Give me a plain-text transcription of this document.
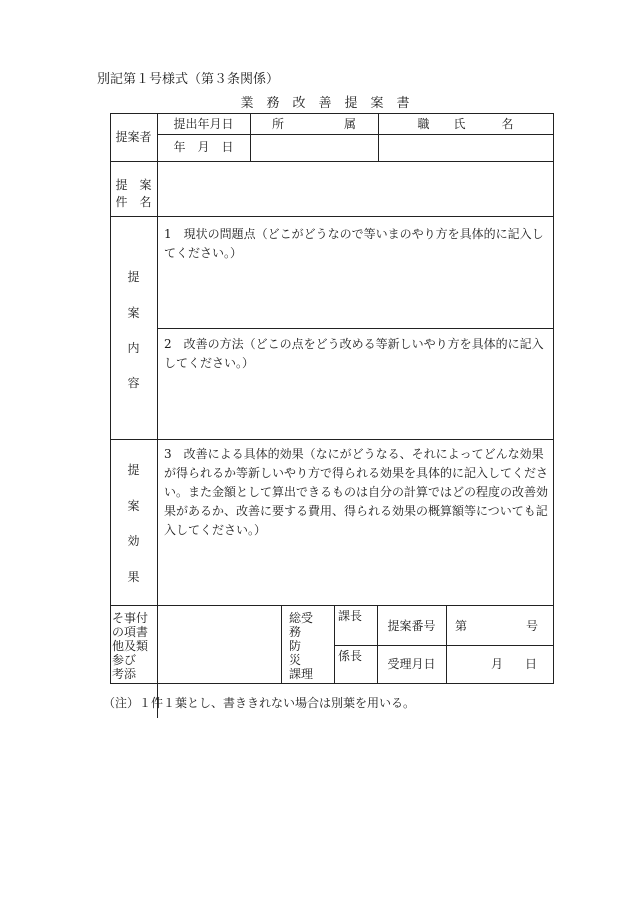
別記第１号様式（第３条関係）
業　務　改　善　提　案　書
提案者
提出年月日
年　月　日
所　　　　　属	職　　氏　　　名
提　案
件　名
提
案
内
容
1　 現状の問題点（どこがどうなので等いまのやり方を具体的に記入してください。）
2　 改善の方法（どこの点をどう改める等新しいやり方を具体的に記入してください。）
提
案
効
果
3　 改善による具体的効果（なにがどうなる、それによってどんな効果が得られるか等新しいやり方で得られる効果を具体的に記入してください。また金額として算出できるものは自分の計算ではどの程度の改善効果があるか、改善に要する費用、得られる効果の概算額等についても記入してください。）
そ事付
の項書
他及類
参び
考添
総受
務
防
災
課理
課長
係長
提案番号
受理月日
第	号
月 日
（注）１件１葉とし、書ききれない場合は別葉を用いる。
